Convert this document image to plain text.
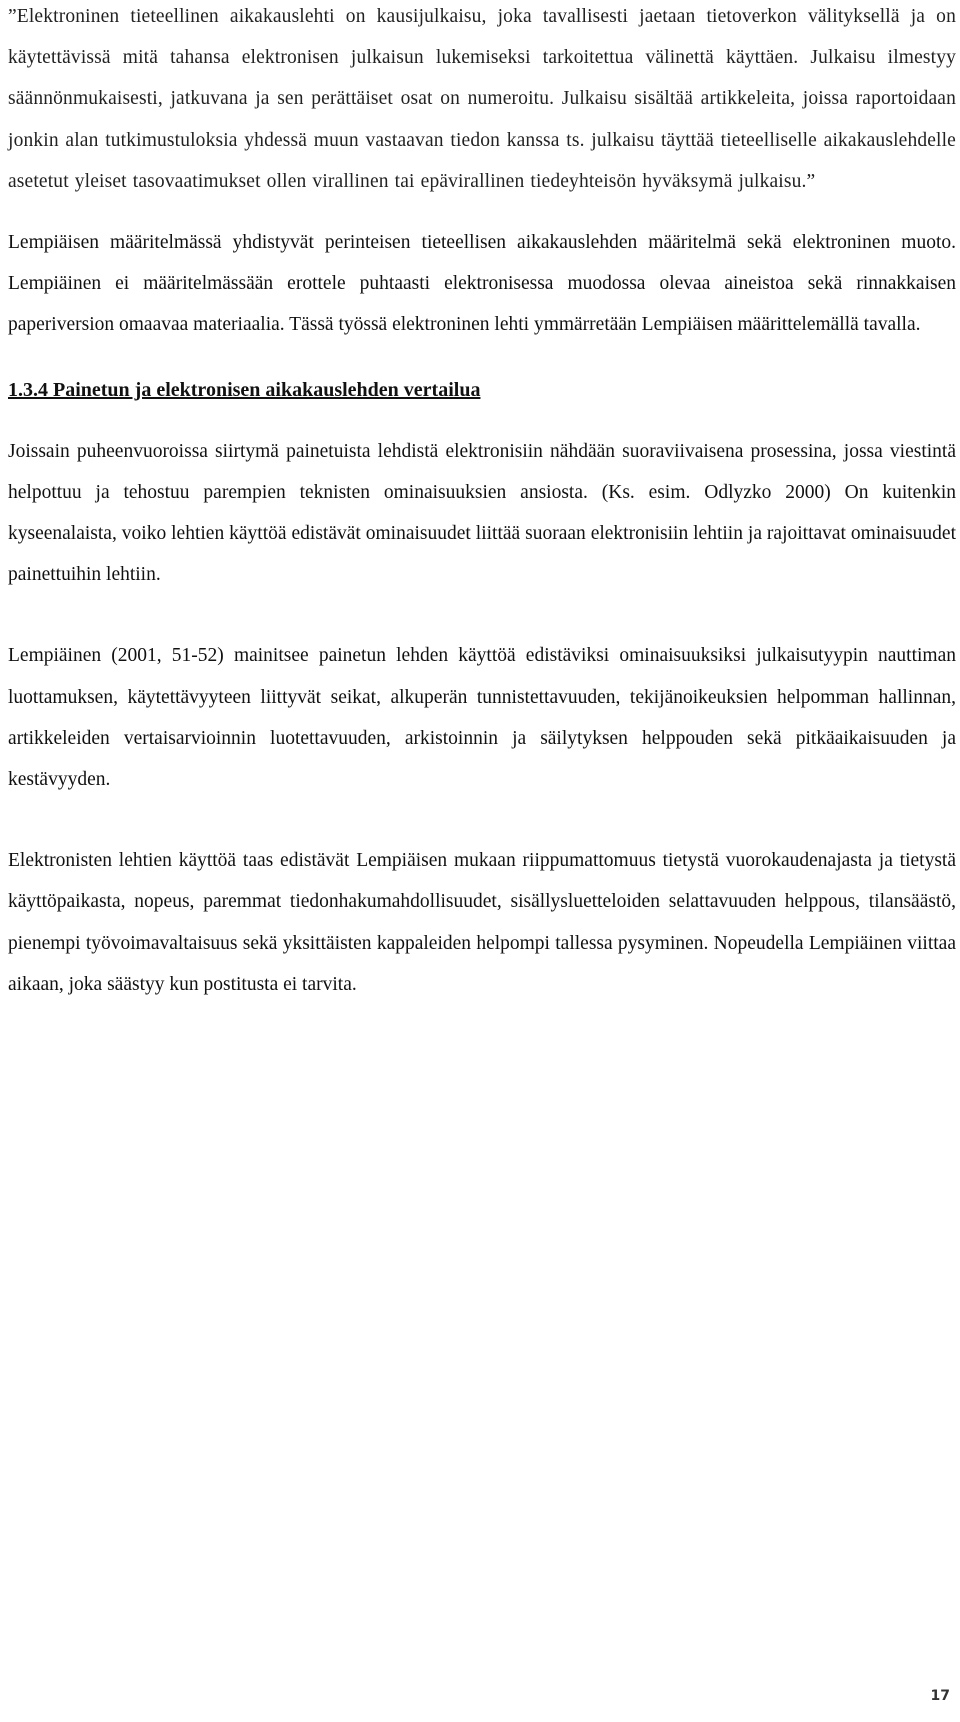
”Elektroninen tieteellinen aikakauslehti on kausijulkaisu, joka tavallisesti jaetaan tietoverkon välityksellä ja on käytettävissä mitä tahansa elektronisen julkaisun lukemiseksi tarkoitettua välinettä käyttäen. Julkaisu ilmestyy säännönmukaisesti, jatkuvana ja sen perättäiset osat on numeroitu. Julkaisu sisältää artikkeleita, joissa raportoidaan jonkin alan tutkimustuloksia yhdessä muun vastaavan tiedon kanssa ts. julkaisu täyttää tieteelliselle aikakauslehdelle asetetut yleiset tasovaatimukset ollen virallinen tai epävirallinen tiedeyhteisön hyväksymä julkaisu.”

Lempiäisen määritelmässä yhdistyvät perinteisen tieteellisen aikakauslehden määritelmä sekä elektroninen muoto. Lempiäinen ei määritelmässään erottele puhtaasti elektronisessa muodossa olevaa aineistoa sekä rinnakkaisen paperiversion omaavaa materiaalia. Tässä työssä elektroninen lehti ymmärretään Lempiäisen määrittelemällä tavalla.

1.3.4 Painetun ja elektronisen aikakauslehden vertailua

Joissain puheenvuoroissa siirtymä painetuista lehdistä elektronisiin nähdään suoraviivaisena prosessina, jossa viestintä helpottuu ja tehostuu parempien teknisten ominaisuuksien ansiosta. (Ks. esim. Odlyzko 2000) On kuitenkin kyseenalaista, voiko lehtien käyttöä edistävät ominaisuudet liittää suoraan elektronisiin lehtiin ja rajoittavat ominaisuudet painettuihin lehtiin.

Lempiäinen (2001, 51-52) mainitsee painetun lehden käyttöä edistäviksi ominaisuuksiksi julkaisutyypin nauttiman luottamuksen, käytettävyyteen liittyvät seikat, alkuperän tunnistettavuuden, tekijänoikeuksien helpomman hallinnan, artikkeleiden vertaisarvioinnin luotettavuuden, arkistoinnin ja säilytyksen helppouden sekä pitkäaikaisuuden ja kestävyyden.

Elektronisten lehtien käyttöä taas edistävät Lempiäisen mukaan riippumattomuus tietystä vuorokaudenajasta ja tietystä käyttöpaikasta, nopeus, paremmat tiedonhakumahdollisuudet, sisällysluetteloiden selattavuuden helppous, tilansäästö, pienempi työvoimavaltaisuus sekä yksittäisten kappaleiden helpompi tallessa pysyminen. Nopeudella Lempiäinen viittaa aikaan, joka säästyy kun postitusta ei tarvita.

17
